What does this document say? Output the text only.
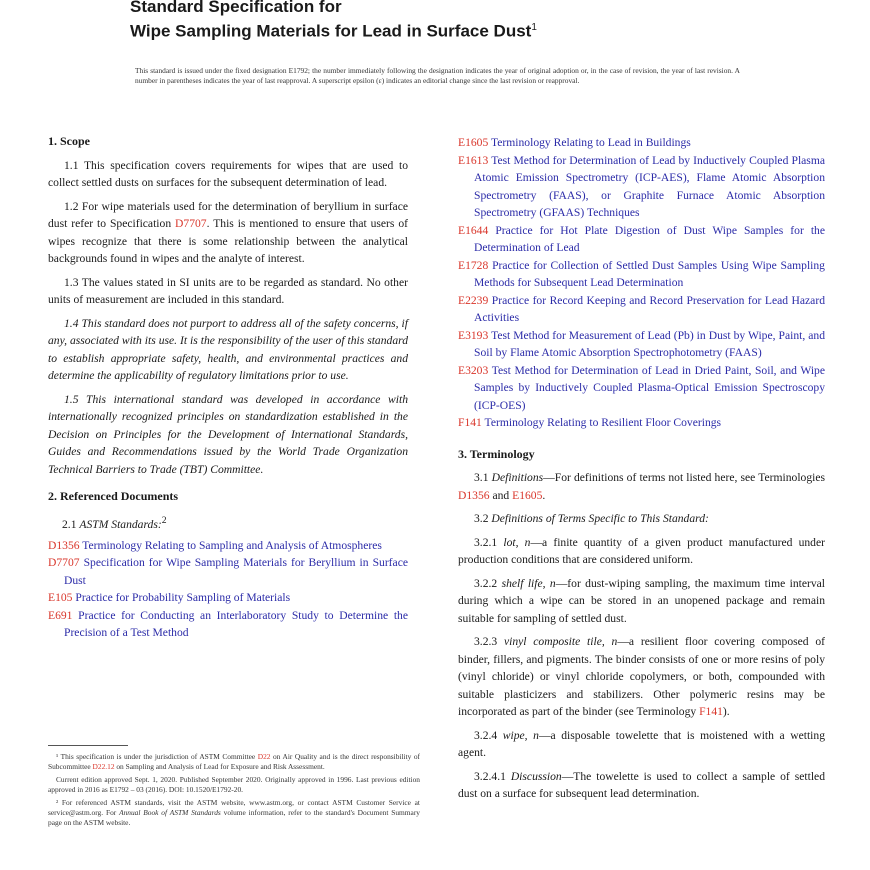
Standard Specification for
Wipe Sampling Materials for Lead in Surface Dust$^1$
This standard is issued under the fixed designation E1792; the number immediately following the designation indicates the year of original adoption or, in the case of revision, the year of last revision. A number in parentheses indicates the year of last reapproval. A superscript epsilon (ε) indicates an editorial change since the last revision or reapproval.
1. Scope
1.1 This specification covers requirements for wipes that are used to collect settled dusts on surfaces for the subsequent determination of lead.
1.2 For wipe materials used for the determination of beryllium in surface dust refer to Specification D7707. This is mentioned to ensure that users of wipes recognize that there is some relationship between the analytical backgrounds found in wipes and the analyte of interest.
1.3 The values stated in SI units are to be regarded as standard. No other units of measurement are included in this standard.
1.4 This standard does not purport to address all of the safety concerns, if any, associated with its use. It is the responsibility of the user of this standard to establish appropriate safety, health, and environmental practices and determine the applicability of regulatory limitations prior to use.
1.5 This international standard was developed in accordance with internationally recognized principles on standardization established in the Decision on Principles for the Development of International Standards, Guides and Recommendations issued by the World Trade Organization Technical Barriers to Trade (TBT) Committee.
2. Referenced Documents
2.1 ASTM Standards:$^2$
D1356 Terminology Relating to Sampling and Analysis of Atmospheres
D7707 Specification for Wipe Sampling Materials for Beryllium in Surface Dust
E105 Practice for Probability Sampling of Materials
E691 Practice for Conducting an Interlaboratory Study to Determine the Precision of a Test Method
E1605 Terminology Relating to Lead in Buildings
E1613 Test Method for Determination of Lead by Inductively Coupled Plasma Atomic Emission Spectrometry (ICP-AES), Flame Atomic Absorption Spectrometry (FAAS), or Graphite Furnace Atomic Absorption Spectrometry (GFAAS) Techniques
E1644 Practice for Hot Plate Digestion of Dust Wipe Samples for the Determination of Lead
E1728 Practice for Collection of Settled Dust Samples Using Wipe Sampling Methods for Subsequent Lead Determination
E2239 Practice for Record Keeping and Record Preservation for Lead Hazard Activities
E3193 Test Method for Measurement of Lead (Pb) in Dust by Wipe, Paint, and Soil by Flame Atomic Absorption Spectrophotometry (FAAS)
E3203 Test Method for Determination of Lead in Dried Paint, Soil, and Wipe Samples by Inductively Coupled Plasma-Optical Emission Spectroscopy (ICP-OES)
F141 Terminology Relating to Resilient Floor Coverings
3. Terminology
3.1 Definitions—For definitions of terms not listed here, see Terminologies D1356 and E1605.
3.2 Definitions of Terms Specific to This Standard:
3.2.1 lot, n—a finite quantity of a given product manufactured under production conditions that are considered uniform.
3.2.2 shelf life, n—for dust-wiping sampling, the maximum time interval during which a wipe can be stored in an unopened package and remain suitable for sampling of settled dust.
3.2.3 vinyl composite tile, n—a resilient floor covering composed of binder, fillers, and pigments. The binder consists of one or more resins of poly (vinyl chloride) or vinyl chloride copolymers, or both, compounded with suitable plasticizers and stabilizers. Other polymeric resins may be incorporated as part of the binder (see Terminology F141).
3.2.4 wipe, n—a disposable towelette that is moistened with a wetting agent.
3.2.4.1 Discussion—The towelette is used to collect a sample of settled dust on a surface for subsequent lead determination.
¹ This specification is under the jurisdiction of ASTM Committee D22 on Air Quality and is the direct responsibility of Subcommittee D22.12 on Sampling and Analysis of Lead for Exposure and Risk Assessment.
Current edition approved Sept. 1, 2020. Published September 2020. Originally approved in 1996. Last previous edition approved in 2016 as E1792 – 03 (2016). DOI: 10.1520/E1792-20.
² For referenced ASTM standards, visit the ASTM website, www.astm.org, or contact ASTM Customer Service at service@astm.org. For Annual Book of ASTM Standards volume information, refer to the standard's Document Summary page on the ASTM website.
